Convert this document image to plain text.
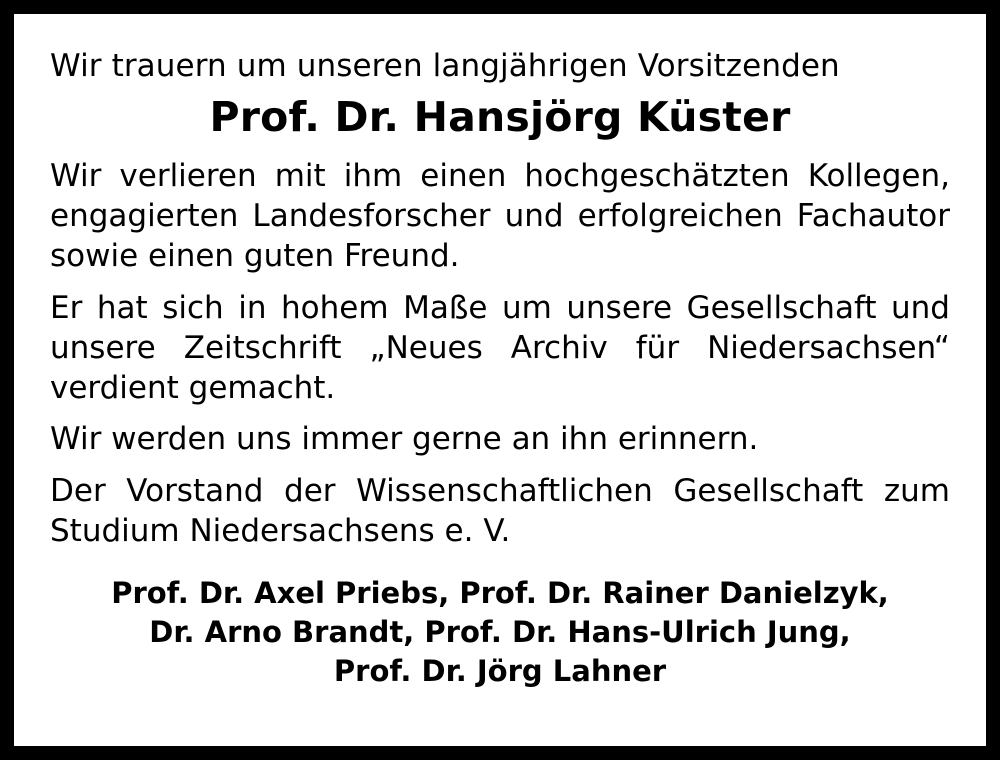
Wir trauern um unseren langjährigen Vorsitzenden

Prof. Dr. Hansjörg Küster

Wir verlieren mit ihm einen hochgeschätzten Kollegen, engagierten Landesforscher und erfolgreichen Fachautor sowie einen guten Freund.

Er hat sich in hohem Maße um unsere Gesellschaft und unsere Zeitschrift „Neues Archiv für Niedersachsen“ verdient gemacht.

Wir werden uns immer gerne an ihn erinnern.

Der Vorstand der Wissenschaftlichen Gesellschaft zum Studium Niedersachsens e. V.

Prof. Dr. Axel Priebs, Prof. Dr. Rainer Danielzyk,
Dr. Arno Brandt, Prof. Dr. Hans-Ulrich Jung,
Prof. Dr. Jörg Lahner
